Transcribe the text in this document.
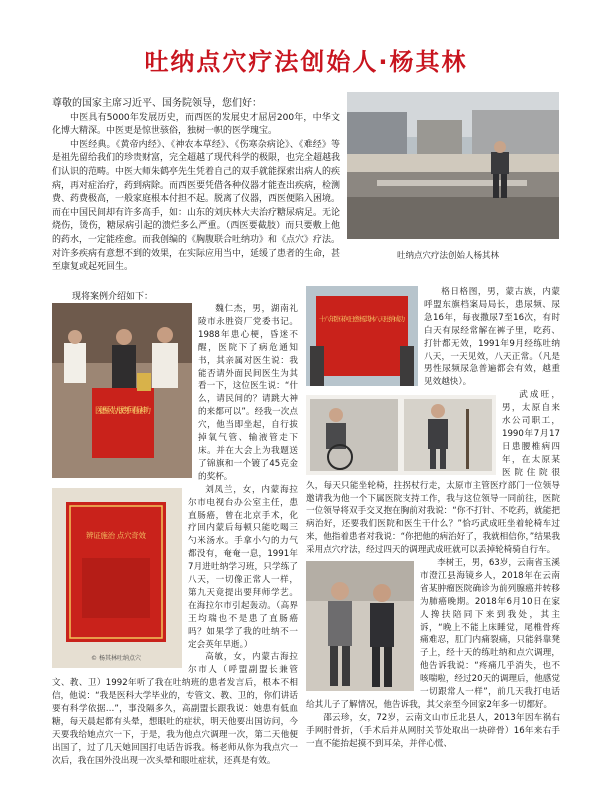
吐纳点穴疗法创始人·杨其林

尊敬的国家主席习近平、国务院领导，您们好：

中医具有5000年发展历史，而西医的发展史才屈居200年，中华文化博大精深。中医更是惊世骇俗，独树一帜的医学瑰宝。

中医经典。《黄帝内经》、《神农本草经》、《伤寒杂病论》、《难经》等是祖先留给我们的珍贵财富，完全超越了现代科学的极限，也完全超越我们认识的范畴。中医大师朱鹤亭先生凭着自己的双手就能探索出病人的疾病，再对症治疗，药到病除。而西医要凭借各种仪器才能查出疾病，检测费、药费极高，一般家庭根本付担不起。脱离了仪器，西医便陷入困境。而在中国民间却有许多高手，如：山东的刘庆林大夫治疗糖尿病足。无论烧伤，烫伤，糖尿病引起的溃烂多么严重。（西医要截肢）而只要敷上他的药水，一定能痊愈。而我创编的《胸腹联合吐纳功》和《点穴》疗法。对许多疾病有意想不到的效果，在实际应用当中，延缓了患者的生命，甚至康复或起死回生。

吐纳点穴疗法创始人杨其林
现将案例介绍如下：
医德医风为人民 妙手回春显神功

魏仁杰，男，湖南礼陵市永胜资厂党委书记。1988年患心梗，昏迷不醒，医院下了病危通知书，其亲属对医生说：我能否请外面民间医生为其看一下，这位医生说：“什么，请民间的？请跳大神的来都可以”。经我一次点穴，他当即坐起，自行拔掉氧气管、输液管走下床。并在大会上为我题送了锦旗和一个镀了45克金的奖杯。

辨证施治 点穴奇效
© 杨其林吐纳点穴

刘凤兰，女，内蒙海拉尔市电视台办公室主任，患直肠癌，曾在北京手术，化疗回内蒙后每顿只能吃喝三勺米汤水。手拿小勺的力气都没有，奄奄一息，1991年7月进吐纳学习班，只学练了八天，一切像正常人一样，第九天竟提出要拜师学艺。在海拉尔市引起轰动。（高界王均瑞也不是患了直肠癌吗？如果学了我的吐纳不一定会英年早逝。）

高敏，女，内蒙古海拉尔市人（呼盟副盟长兼管文、教、卫）1992年听了我在吐纳班的患者发言后，根本不相信，他说：“我是医科大学毕业的，专管文、教、卫的，你们讲话要有科学依据…”，事没隔多久，高副盟长跟我说：她患有低血糖，每天晨起都有头晕，想眼吐的症状，明天他要出国访问，今天要我给她点穴一下，于是，我为他点穴调理一次，第二天他便出国了，过了几天她回国打电话告诉我。杨老师从你为我点穴一次后，我在国外没出现一次头晕和眼吐症状，还真是有效。

十八年卧床何日愈 杨其林八天吐纳成功

格日格图，男，蒙古族，内蒙呼盟东旗档案局局长，患尿频、尿急16年，每夜撒尿7至16次，有时白天有尿经常解在裤子里，吃药、打针都无效，1991年9月经练吐纳八天，一天见效，八天正常。（凡是男性尿频尿急普遍都会有效，越重见效越快）。

武成旺，男，太原自来水公司职工，1990年7月17日患腰椎病四年，在太原某医院住院很久，每天只能坐轮椅，拄拐杖行走，太原市主管医疗部门一位领导邀请我为他一个下属医院支持工作，我与这位领导一同前往，医院一位领导将双手交叉抱在胸前对我说：“你不打针、不吃药，就能把病治好，还要我们医院和医生干什么？”恰巧武成旺坐着轮椅车过来，他指着患者对我说：“你把他的病治好了，我就相信你，”结果我采用点穴疗法，经过四天的调理武成旺就可以丢掉轮椅骑自行车。

李树王，男，63岁，云南省玉溪市澄江县海镜乡人，2018年在云南省某肿瘤医院确诊为前列腺癌并转移为肺癌晚期。2018年6月10日在家人搀扶陪同下来到我处，其主诉，“晚上不能上床睡觉，尾椎骨疼痛难忍，肛门内痛裂痛，只能斜靠凳子上，经十天的练吐纳和点穴调理，他告诉我说：“疼痛几乎消失，也不咳喘啦，经过20天的调理后，他感觉一切跟常人一样”，前几天我打电话给其儿子了解情况，他告诉我，其父亲至今回家2年多一切都好。

邵云珍，女，72岁，云南文山市丘北县人，2013年因车祸右手网肘骨折，（手术后并从网肘关节处取出一块碎骨）16年来右手一直不能抬起摸不到耳朵，并伴心慌、
